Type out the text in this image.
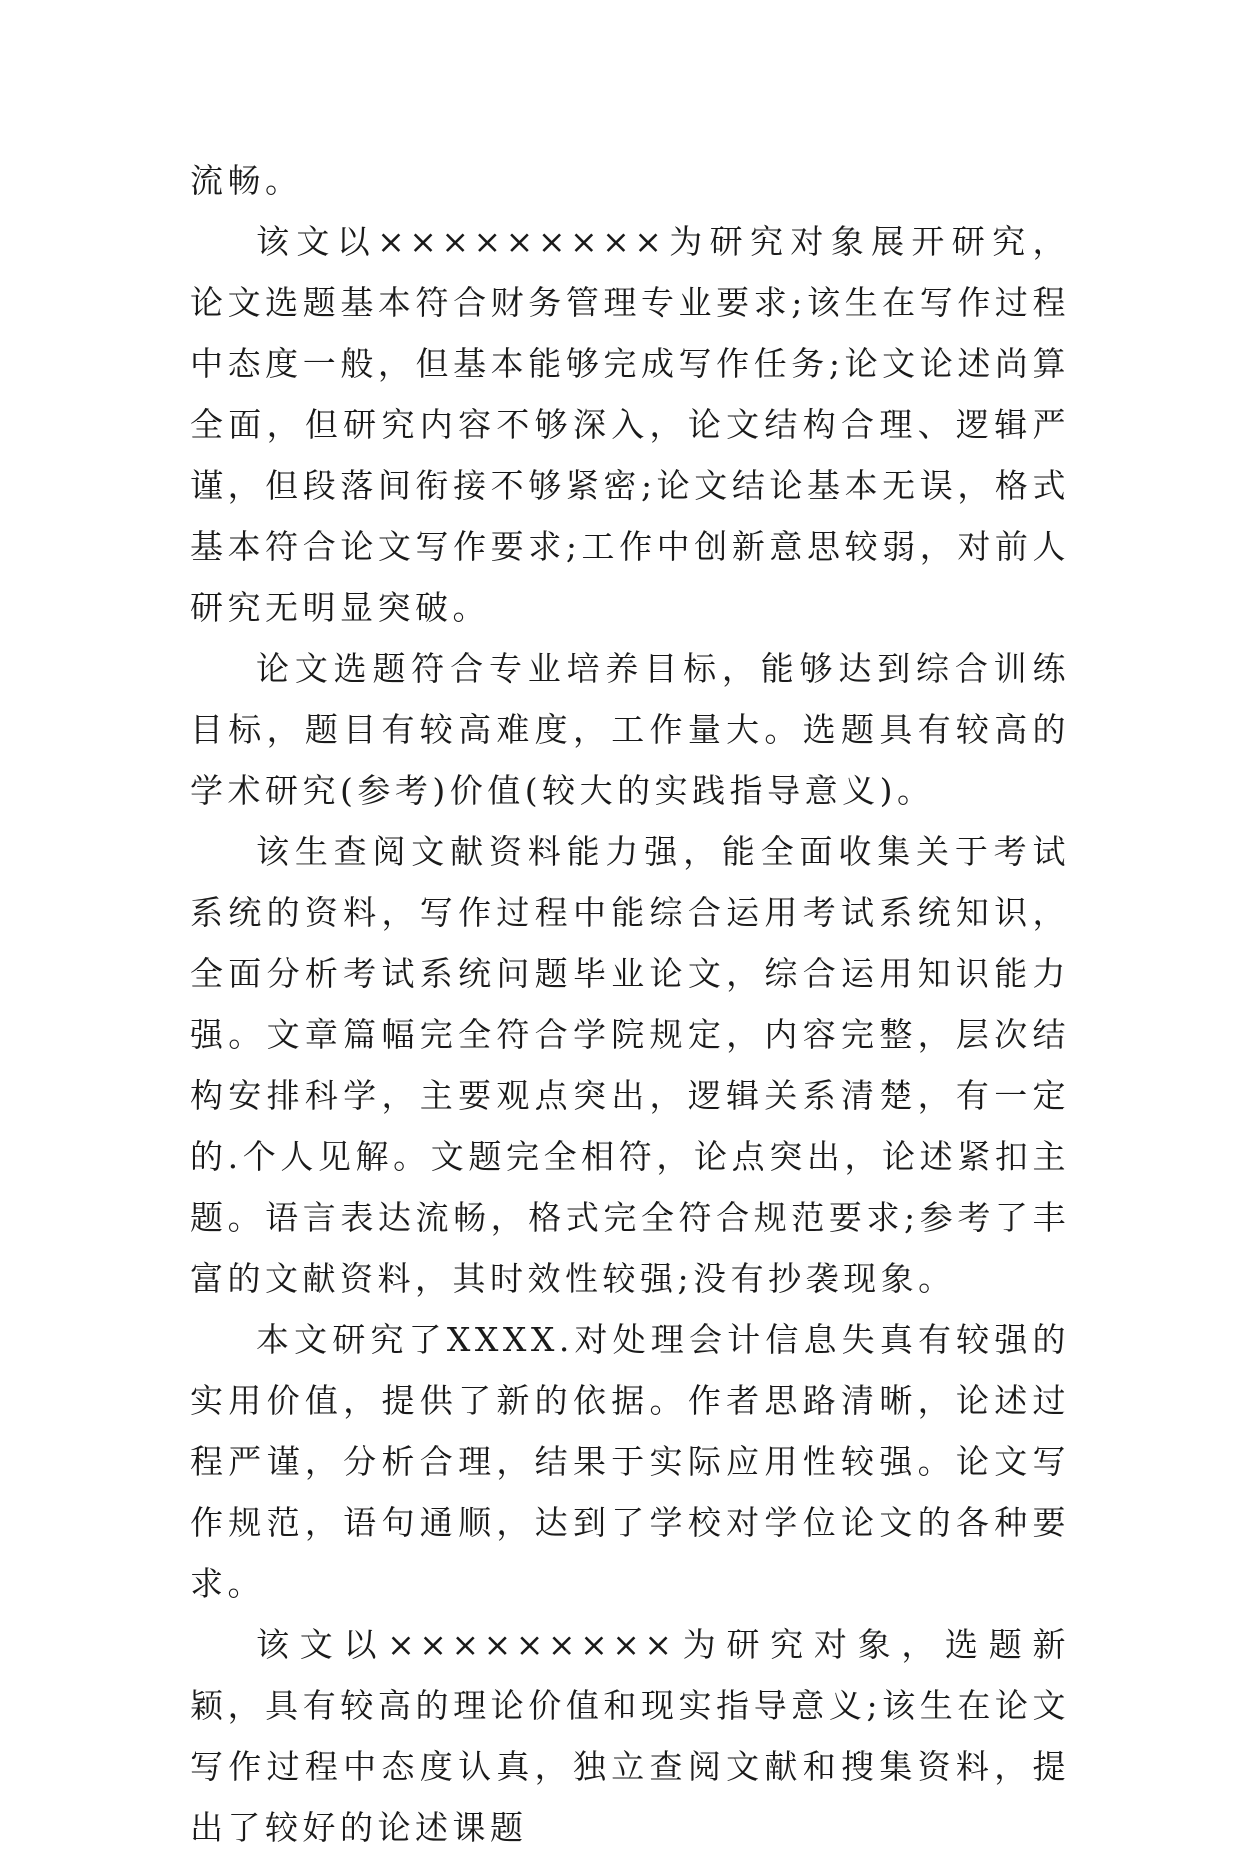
流畅。

该文以×××××××××为研究对象展开研究，论文选题基本符合财务管理专业要求;该生在写作过程中态度一般，但基本能够完成写作任务;论文论述尚算全面，但研究内容不够深入，论文结构合理、逻辑严谨，但段落间衔接不够紧密;论文结论基本无误，格式基本符合论文写作要求;工作中创新意思较弱，对前人研究无明显突破。

论文选题符合专业培养目标，能够达到综合训练目标，题目有较高难度，工作量大。选题具有较高的学术研究(参考)价值(较大的实践指导意义)。

该生查阅文献资料能力强，能全面收集关于考试系统的资料，写作过程中能综合运用考试系统知识，全面分析考试系统问题毕业论文，综合运用知识能力强。文章篇幅完全符合学院规定，内容完整，层次结构安排科学，主要观点突出，逻辑关系清楚，有一定的.个人见解。文题完全相符，论点突出，论述紧扣主题。语言表达流畅，格式完全符合规范要求;参考了丰富的文献资料，其时效性较强;没有抄袭现象。

本文研究了XXXX.对处理会计信息失真有较强的实用价值，提供了新的依据。作者思路清晰，论述过程严谨，分析合理，结果于实际应用性较强。论文写作规范，语句通顺，达到了学校对学位论文的各种要求。

该文以×××××××××为研究对象，选题新颖，具有较高的理论价值和现实指导意义;该生在论文写作过程中态度认真，独立查阅文献和搜集资料，提出了较好的论述课题
